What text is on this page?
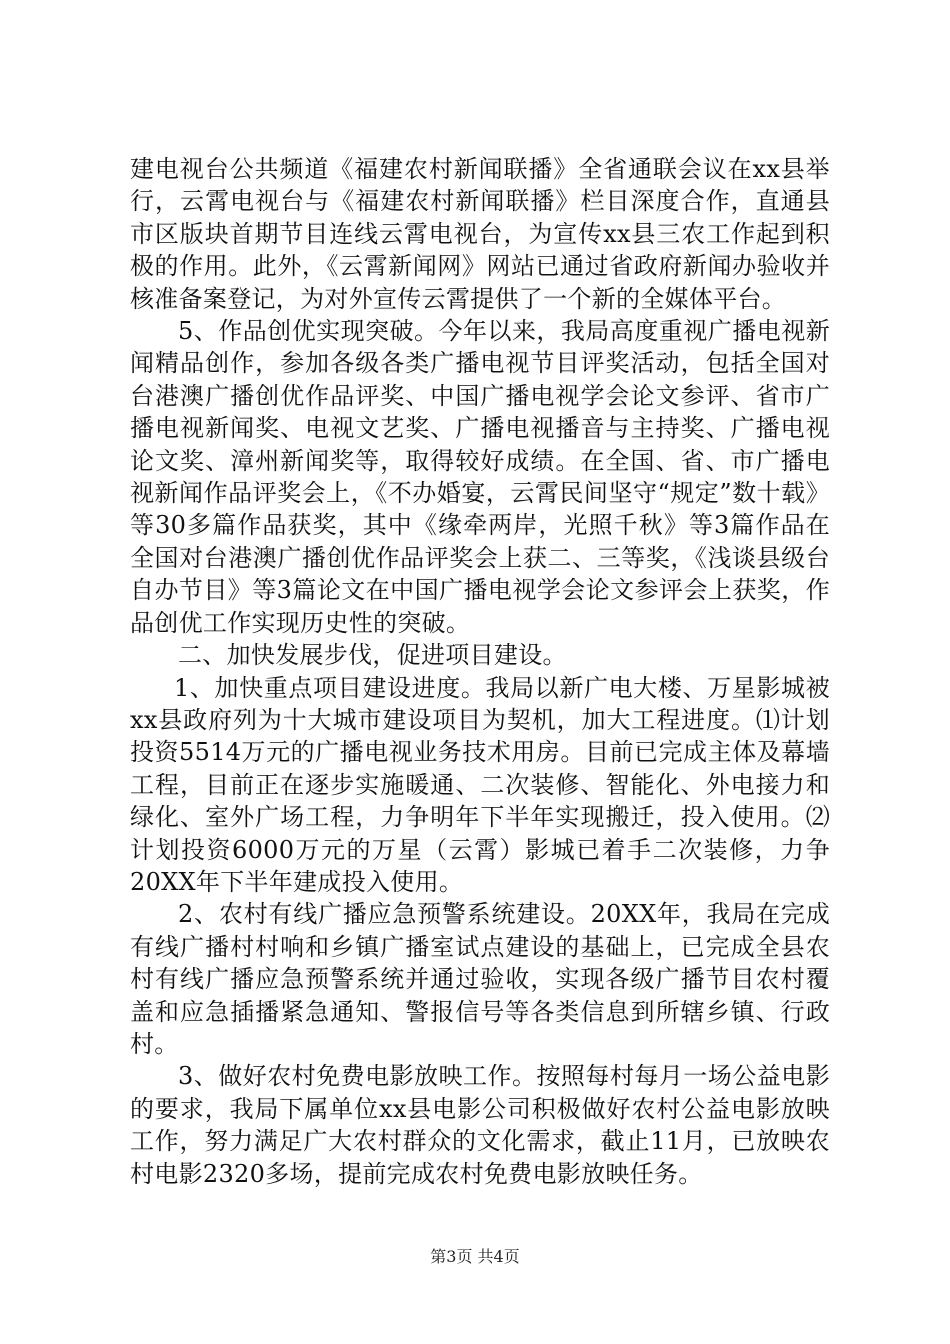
建电视台公共频道《福建农村新闻联播》全省通联会议在xx县举行，云霄电视台与《福建农村新闻联播》栏目深度合作，直通县市区版块首期节目连线云霄电视台，为宣传xx县三农工作起到积极的作用。此外，《云霄新闻网》网站已通过省政府新闻办验收并核准备案登记，为对外宣传云霄提供了一个新的全媒体平台。

5、作品创优实现突破。今年以来，我局高度重视广播电视新闻精品创作，参加各级各类广播电视节目评奖活动，包括全国对台港澳广播创优作品评奖、中国广播电视学会论文参评、省市广播电视新闻奖、电视文艺奖、广播电视播音与主持奖、广播电视论文奖、漳州新闻奖等，取得较好成绩。在全国、省、市广播电视新闻作品评奖会上，《不办婚宴，云霄民间坚守“规定”数十载》等30多篇作品获奖，其中《缘牵两岸，光照千秋》等3篇作品在全国对台港澳广播创优作品评奖会上获二、三等奖，《浅谈县级台自办节目》等3篇论文在中国广播电视学会论文参评会上获奖，作品创优工作实现历史性的突破。

二、加快发展步伐，促进项目建设。

1、加快重点项目建设进度。我局以新广电大楼、万星影城被xx县政府列为十大城市建设项目为契机，加大工程进度。⑴计划投资5514万元的广播电视业务技术用房。目前已完成主体及幕墙工程，目前正在逐步实施暖通、二次装修、智能化、外电接力和绿化、室外广场工程，力争明年下半年实现搬迁，投入使用。⑵计划投资6000万元的万星（云霄）影城已着手二次装修，力争20XX年下半年建成投入使用。

2、农村有线广播应急预警系统建设。20XX年，我局在完成有线广播村村响和乡镇广播室试点建设的基础上，已完成全县农村有线广播应急预警系统并通过验收，实现各级广播节目农村覆盖和应急插播紧急通知、警报信号等各类信息到所辖乡镇、行政村。

3、做好农村免费电影放映工作。按照每村每月一场公益电影的要求，我局下属单位xx县电影公司积极做好农村公益电影放映工作，努力满足广大农村群众的文化需求，截止11月，已放映农村电影2320多场，提前完成农村免费电影放映任务。

第3页 共4页
